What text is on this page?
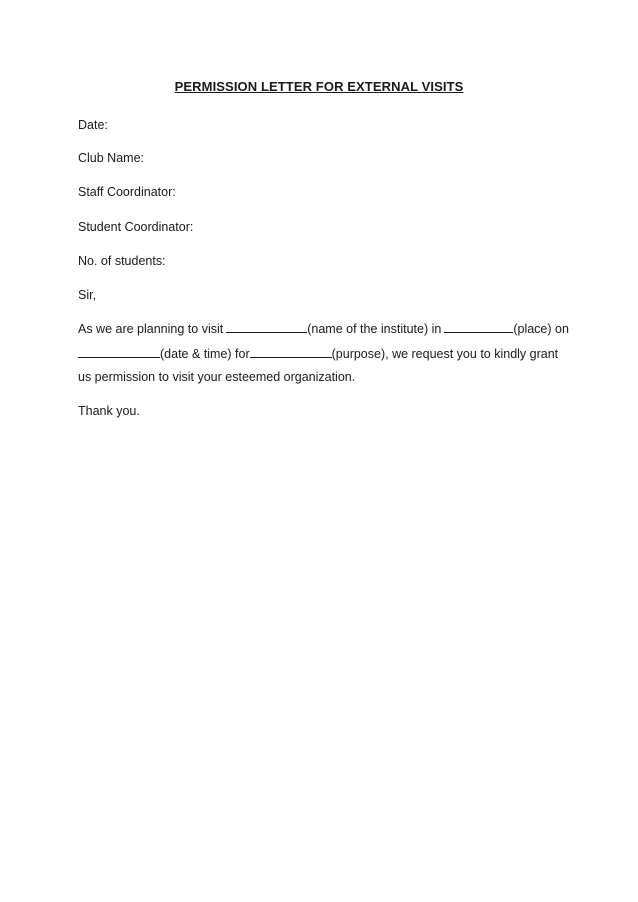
PERMISSION LETTER FOR EXTERNAL VISITS
Date:
Club Name:
Staff Coordinator:
Student Coordinator:
No. of students:
Sir,
As we are planning to visit	(name of the institute) in	(place) on
(date & time) for	(purpose), we request you to kindly grant
us permission to visit your esteemed organization.
Thank you.
